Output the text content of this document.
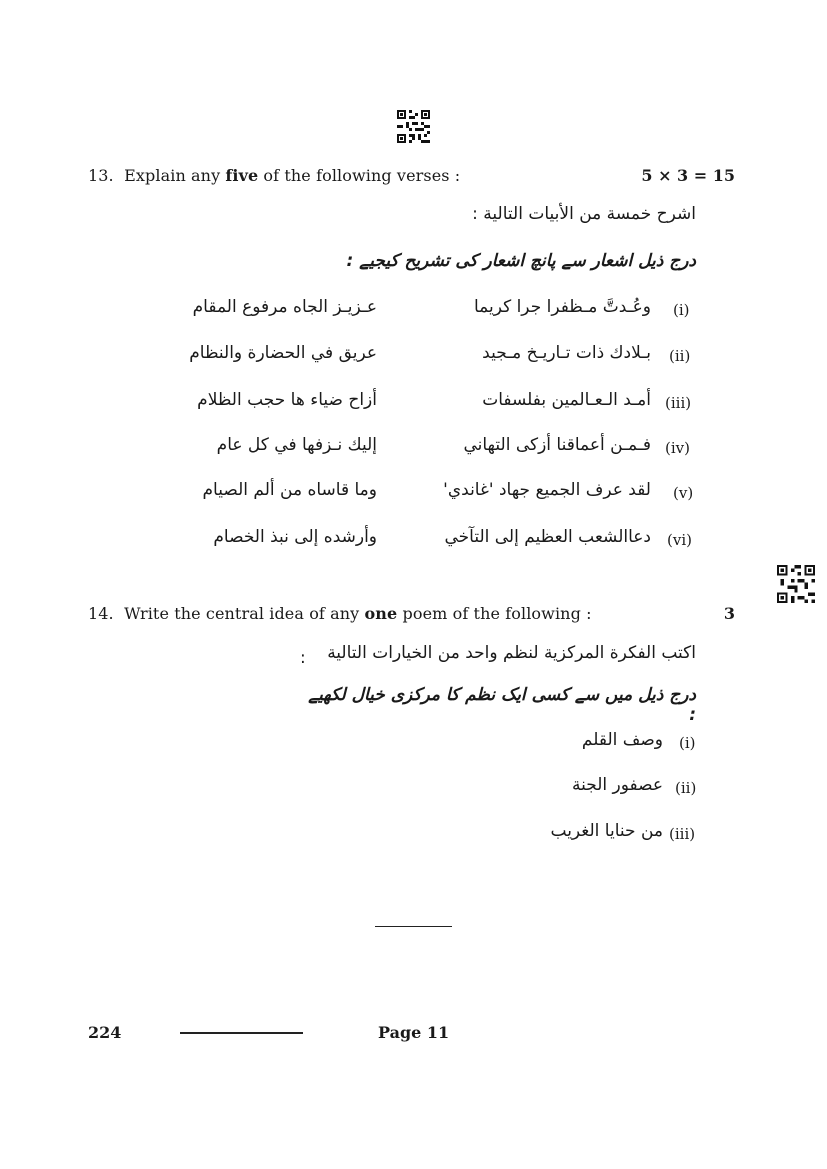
13. Explain any five of the following verses :	5 × 3 = 15
اشرح خمسة من الأبيات التالية :
درج ذیل اشعار سے پانچ اشعار کی تشریح کیجیے :
(i)
وعُـدتَّ مـظفرا جرا كريما
عـزيـز الجاه مرفوع المقام
(ii)
بـلادك ذات تـاريـخ مـجيد
عريق في الحضارة والنظام
(iii)
أمـد الـعـالمين بفلسفات
أزاح ضياء ها حجب الظلام
(iv)
فـمـن أعماقنا أزكى التهاني
إليك نـزفها في كل عام
(v)
لقد عرف الجميع جهاد 'غاندي'
وما قاساه من ألم الصيام
(vi)
دعاالشعب العظيم إلى التآخي
وأرشده إلى نبذ الخصام
14. Write the central idea of any one poem of the following :	3
اكتب الفكرة المركزية لنظم واحد من الخيارات التالية
:
درج ذیل میں سے کسی ایک نظم کا مرکزی خیال لکھیے :
(i)
وصف القلم
(ii)
عصفور الجنة
(iii)
من حنايا الغريب
224	Page 11
